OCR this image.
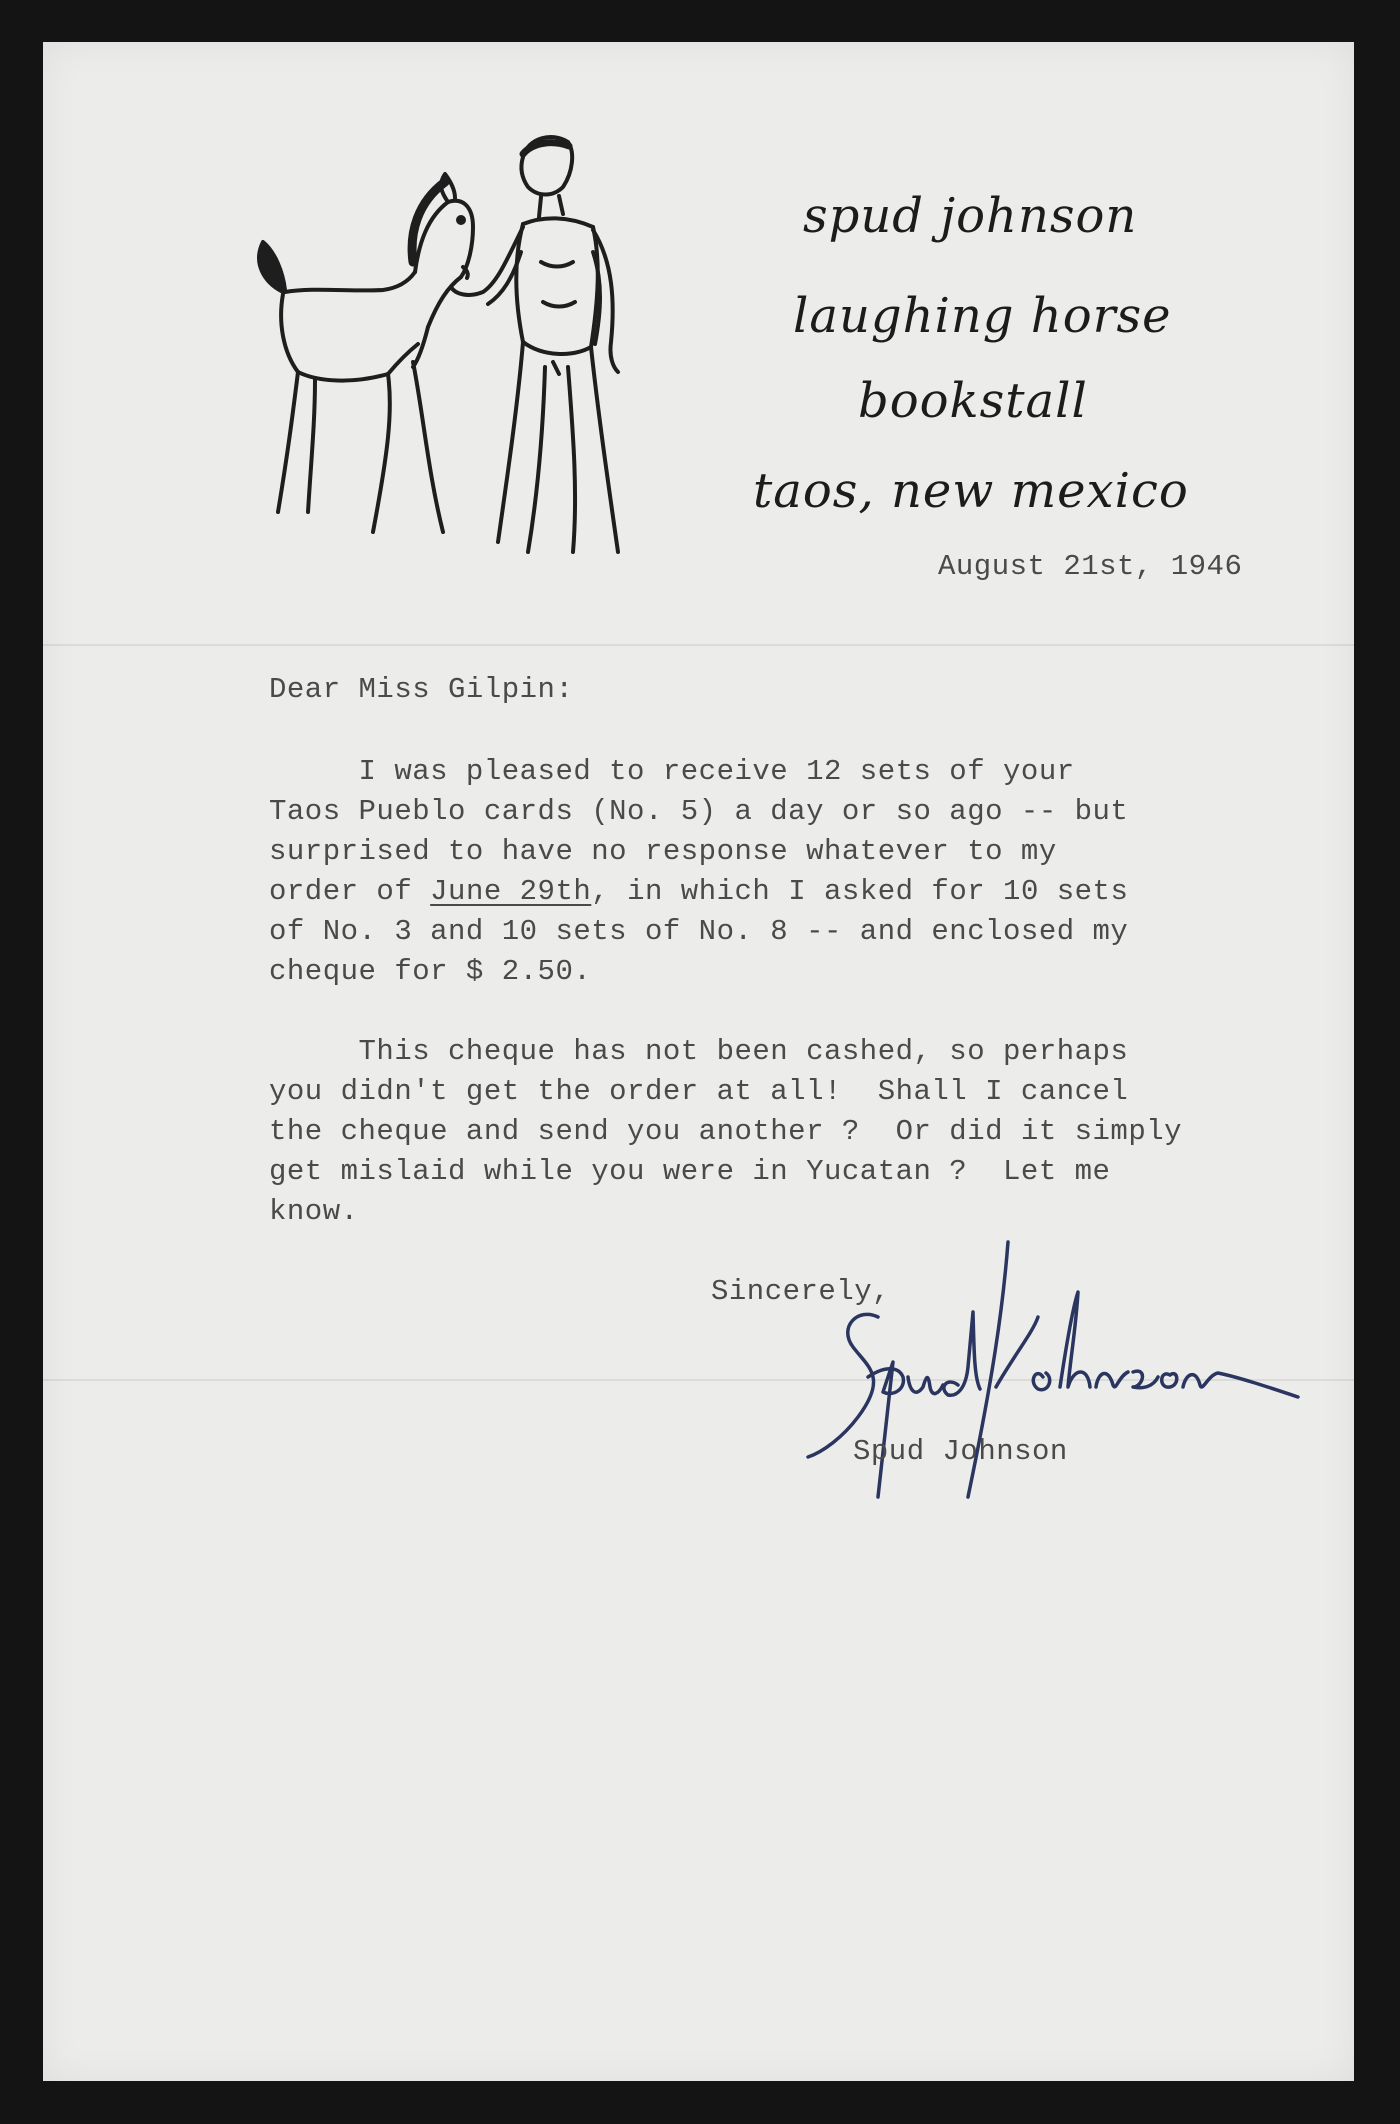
spud johnson
laughing horse
bookstall
taos, new mexico
August 21st, 1946
Dear Miss Gilpin:
I was pleased to receive 12 sets of your
Taos Pueblo cards (No. 5) a day or so ago -- but
surprised to have no response whatever to my
order of June 29th, in which I asked for 10 sets
of No. 3 and 10 sets of No. 8 -- and enclosed my
cheque for $ 2.50.
This cheque has not been cashed, so perhaps
you didn't get the order at all!  Shall I cancel
the cheque and send you another ?  Or did it simply
get mislaid while you were in Yucatan ?  Let me
know.
Sincerely,
Spud Johnson
